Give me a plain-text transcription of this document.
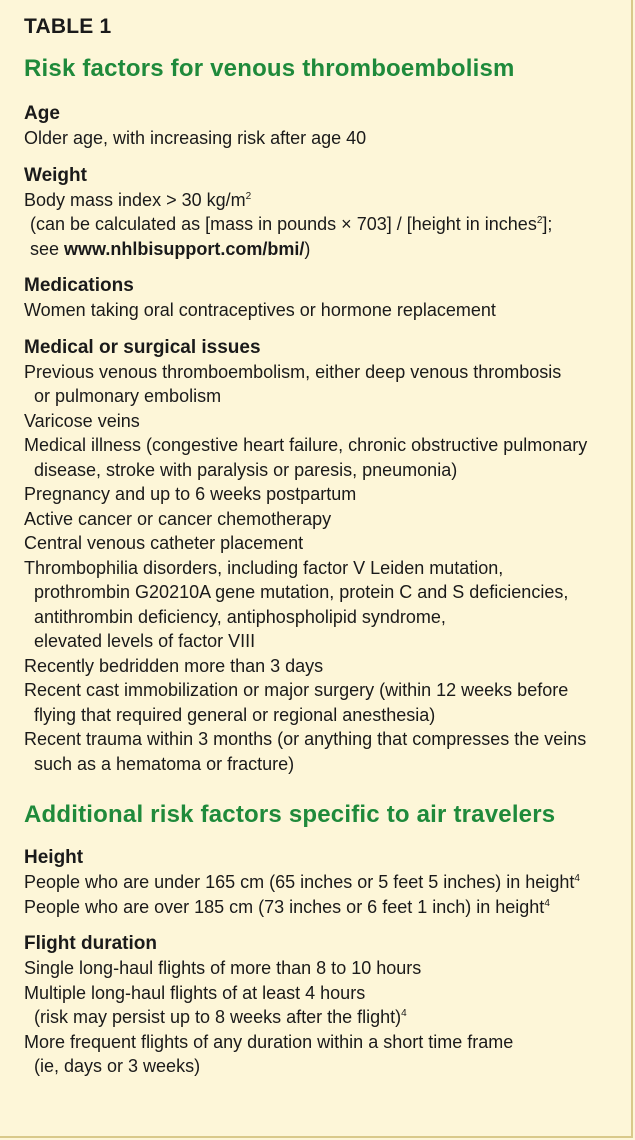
TABLE 1
Risk factors for venous thromboembolism
Age
Older age, with increasing risk after age 40
Weight
Body mass index > 30 $kg/m^2$
(can be calculated as [mass in pounds × 703] / [height in inches$^2$];
see www.nhlbisupport.com/bmi/)
Medications
Women taking oral contraceptives or hormone replacement
Medical or surgical issues
Previous venous thromboembolism, either deep venous thrombosis
or pulmonary embolism
Varicose veins
Medical illness (congestive heart failure, chronic obstructive pulmonary
disease, stroke with paralysis or paresis, pneumonia)
Pregnancy and up to 6 weeks postpartum
Active cancer or cancer chemotherapy
Central venous catheter placement
Thrombophilia disorders, including factor V Leiden mutation,
prothrombin G20210A gene mutation, protein C and S deficiencies,
antithrombin deficiency, antiphospholipid syndrome,
elevated levels of factor VIII
Recently bedridden more than 3 days
Recent cast immobilization or major surgery (within 12 weeks before
flying that required general or regional anesthesia)
Recent trauma within 3 months (or anything that compresses the veins
such as a hematoma or fracture)
Additional risk factors specific to air travelers
Height
People who are under 165 cm (65 inches or 5 feet 5 inches) in height$^4$
People who are over 185 cm (73 inches or 6 feet 1 inch) in height$^4$
Flight duration
Single long-haul flights of more than 8 to 10 hours
Multiple long-haul flights of at least 4 hours
(risk may persist up to 8 weeks after the flight)$^4$
More frequent flights of any duration within a short time frame
(ie, days or 3 weeks)
